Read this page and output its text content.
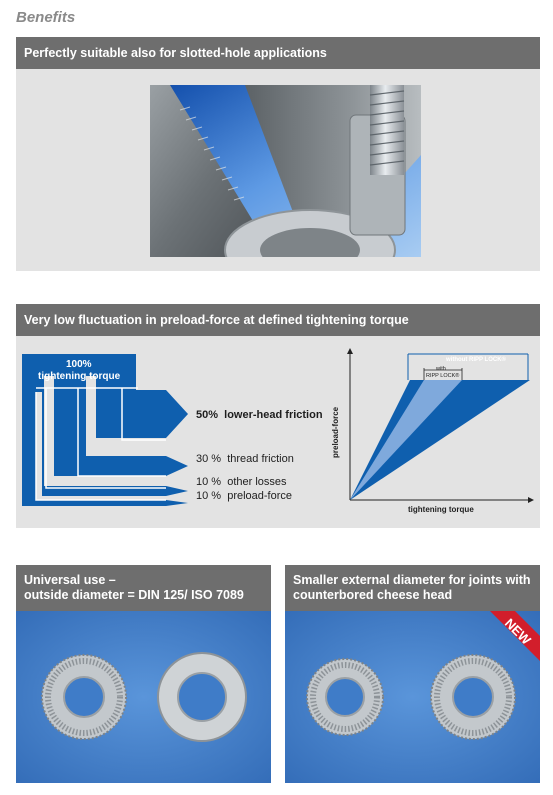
Benefits
Perfectly suitable also for slotted-hole applications
Very low fluctuation in preload-force at defined tightening torque
100%
tightening torque
50% lower-head friction
30 % thread friction
10 % other losses
10 % preload-force
preload-force
tightening torque
without RIPP LOCK®
with
RIPP LOCK®
Universal use –
outside diameter = DIN 125/ ISO 7089
Smaller external diameter for joints with
counterbored cheese head
NEW
